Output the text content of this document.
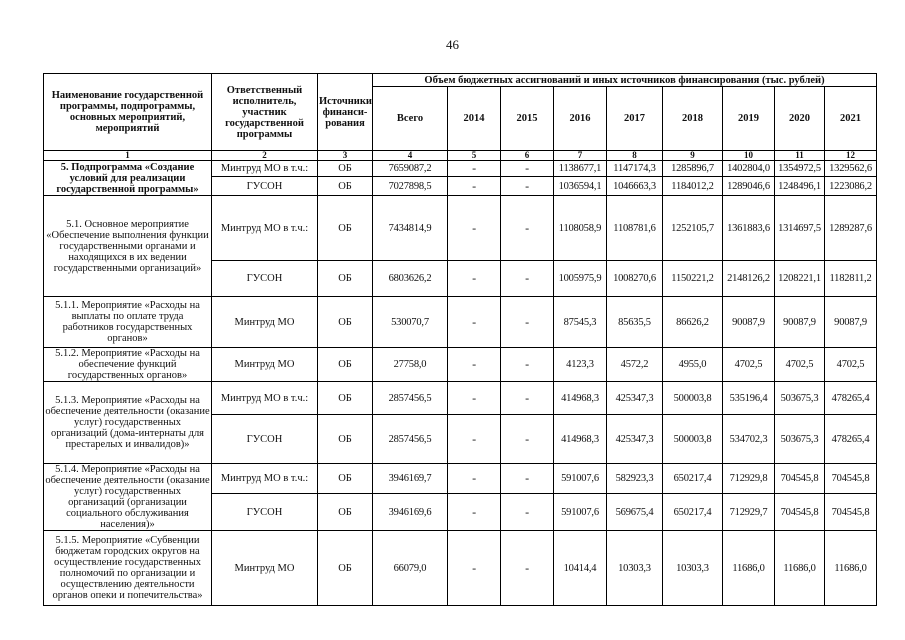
46
Наименование государственной программы, подпрограммы, основных мероприятий, мероприятий	Ответственный исполнитель, участник государственной программы	Источники финанси-рования	Объем бюджетных ассигнований и иных источников финансирования (тыс. рублей)								
			Всего	2014	2015	2016	2017	2018	2019	2020	2021
1	2	3	4	5	6	7	8	9	10	11	12
5. Подпрограмма «Создание условий для реализации государственной программы»	Минтруд МО в т.ч.:	ОБ	7659087,2	-	-	1138677,1	1147174,3	1285896,7	1402804,0	1354972,5	1329562,6
	ГУСОН	ОБ	7027898,5	-	-	1036594,1	1046663,3	1184012,2	1289046,6	1248496,1	1223086,2
5.1. Основное мероприятие «Обеспечение выполнения функции государственными органами и находящихся в их ведении государственными организаций»	Минтруд МО в т.ч.:	ОБ	7434814,9	-	-	1108058,9	1108781,6	1252105,7	1361883,6	1314697,5	1289287,6
	ГУСОН	ОБ	6803626,2	-	-	1005975,9	1008270,6	1150221,2	2148126,2	1208221,1	1182811,2
5.1.1. Мероприятие «Расходы на выплаты по оплате труда работников государственных органов»	Минтруд МО	ОБ	530070,7	-	-	87545,3	85635,5	86626,2	90087,9	90087,9	90087,9
5.1.2. Мероприятие «Расходы на обеспечение функций государственных органов»	Минтруд МО	ОБ	27758,0	-	-	4123,3	4572,2	4955,0	4702,5	4702,5	4702,5
5.1.3. Мероприятие «Расходы на обеспечение деятельности (оказание услуг) государственных организаций (дома-интернаты для престарелых и инвалидов)»	Минтруд МО в т.ч.:	ОБ	2857456,5	-	-	414968,3	425347,3	500003,8	535196,4	503675,3	478265,4
	ГУСОН	ОБ	2857456,5	-	-	414968,3	425347,3	500003,8	534702,3	503675,3	478265,4
5.1.4. Мероприятие «Расходы на обеспечение деятельности (оказание услуг) государственных организаций (организации социального обслуживания населения)»	Минтруд МО в т.ч.:	ОБ	3946169,7	-	-	591007,6	582923,3	650217,4	712929,8	704545,8	704545,8
	ГУСОН	ОБ	3946169,6	-	-	591007,6	569675,4	650217,4	712929,7	704545,8	704545,8
5.1.5. Мероприятие «Субвенции бюджетам городских округов на осуществление государственных полномочий по организации и осуществлению деятельности органов опеки и попечительства»	Минтруд МО	ОБ	66079,0	-	-	10414,4	10303,3	10303,3	11686,0	11686,0	11686,0
